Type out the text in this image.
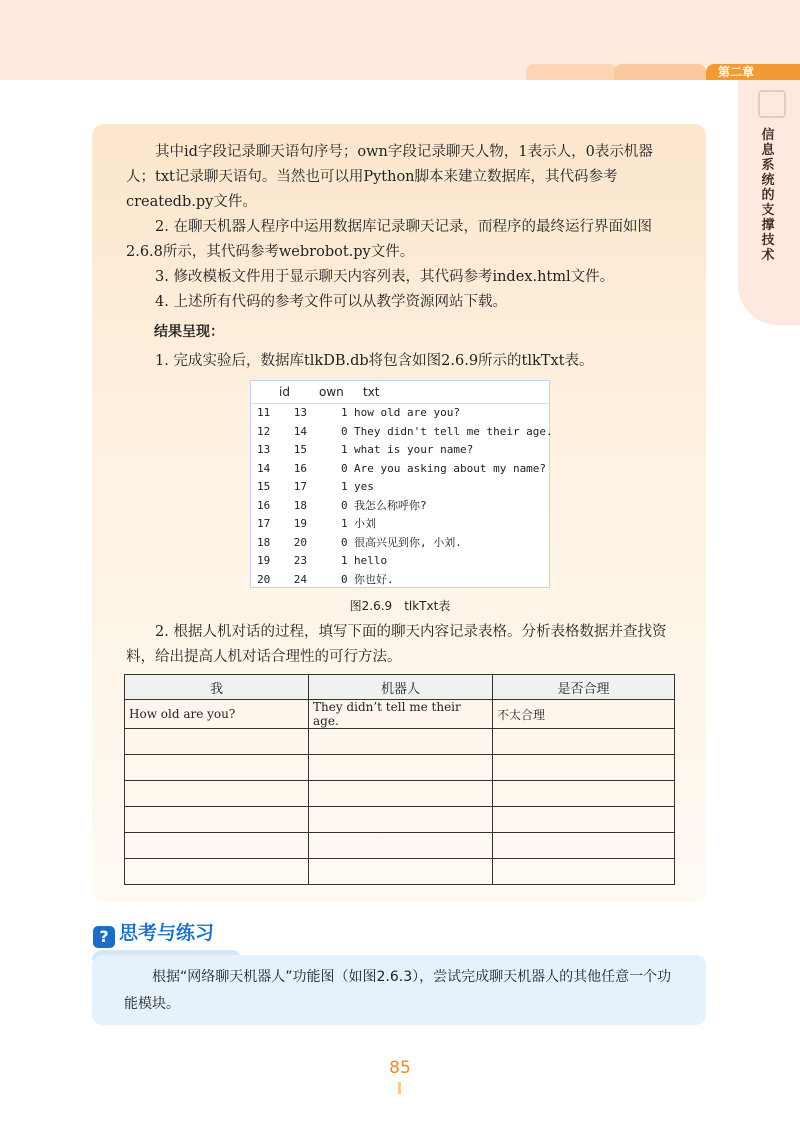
第二章
信息系统的支撑技术
其中id字段记录聊天语句序号；own字段记录聊天人物，1表示人，0表示机器人；txt记录聊天语句。当然也可以用Python脚本来建立数据库，其代码参考createdb.py文件。
2. 在聊天机器人程序中运用数据库记录聊天记录，而程序的最终运行界面如图2.6.8所示，其代码参考webrobot.py文件。
3. 修改模板文件用于显示聊天内容列表，其代码参考index.html文件。
4. 上述所有代码的参考文件可以从教学资源网站下载。
结果呈现：
1. 完成实验后，数据库tlkDB.db将包含如图2.6.9所示的tlkTxt表。
id own txt
11	13	1 how old are you?
12	14	0 They didn't tell me their age.
13	15	1 what is your name?
14	16	0 Are you asking about my name?
15	17	1 yes
16	18	0 我怎么称呼你?
17	19	1 小刘
18	20	0 很高兴见到你, 小刘.
19	23	1 hello
20	24	0 你也好.
图2.6.9　tlkTxt表
2. 根据人机对话的过程，填写下面的聊天内容记录表格。分析表格数据并查找资料，给出提高人机对话合理性的可行方法。
我	机器人	是否合理
How old are you?	They didn’t tell me their age.	不太合理

? 思考与练习
根据“网络聊天机器人”功能图（如图2.6.3），尝试完成聊天机器人的其他任意一个功能模块。
85
